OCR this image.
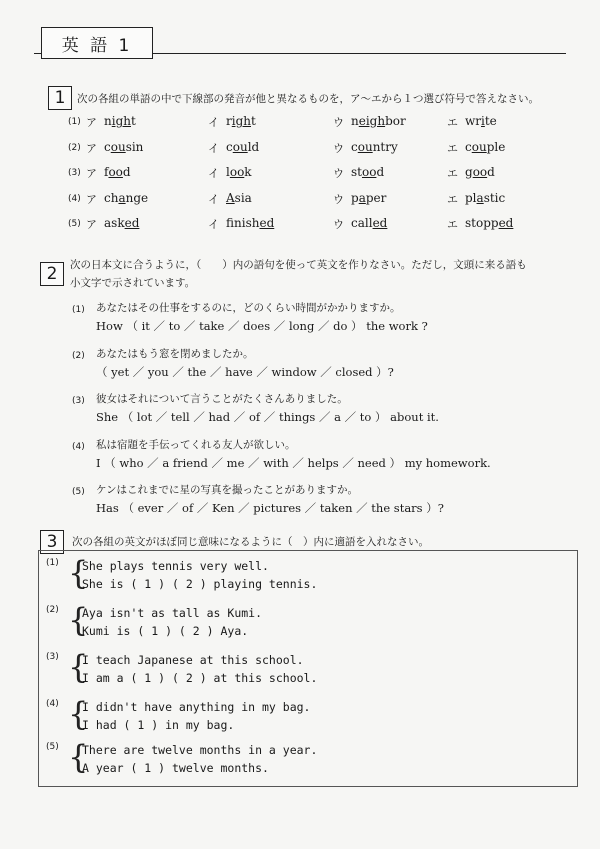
英 語 1
1	次の各組の単語の中で下線部の発音が他と異なるものを，ア～エから１つ選び符号で答えなさい。
(1) ア night	イ right	ウ neighbor	エ write
(2) ア cousin	イ could	ウ country	エ couple
(3) ア food	イ look	ウ stood	エ good
(4) ア change	イ Asia	ウ paper	エ plastic
(5) ア asked	イ finished	ウ called	エ stopped
2	次の日本文に合うように，（　　）内の語句を使って英文を作りなさい。ただし，文頭に来る語も
小文字で示されています。
(1) あなたはその仕事をするのに，どのくらい時間がかかりますか。
How （ it ／ to ／ take ／ does ／ long ／ do ） the work ?
(2) あなたはもう窓を閉めましたか。
（ yet ／ you ／ the ／ have ／ window ／ closed ）?
(3) 彼女はそれについて言うことがたくさんありました。
She （ lot ／ tell ／ had ／ of ／ things ／ a ／ to ） about it.
(4) 私は宿題を手伝ってくれる友人が欲しい。
I （ who ／ a friend ／ me ／ with ／ helps ／ need ） my homework.
(5) ケンはこれまでに星の写真を撮ったことがありますか。
Has （ ever ／ of ／ Ken ／ pictures ／ taken ／ the stars ）?
3	次の各組の英文がほぼ同じ意味になるように（　）内に適語を入れなさい。
(1) {
She plays tennis very well.
She is ( 1 ) ( 2 ) playing tennis.
(2) {
Aya isn't as tall as Kumi.
Kumi is ( 1 ) ( 2 ) Aya.
(3) {
I teach Japanese at this school.
I am a ( 1 ) ( 2 ) at this school.
(4) {
I didn't have anything in my bag.
I had ( 1 ) in my bag.
(5) {
There are twelve months in a year.
A year ( 1 ) twelve months.
